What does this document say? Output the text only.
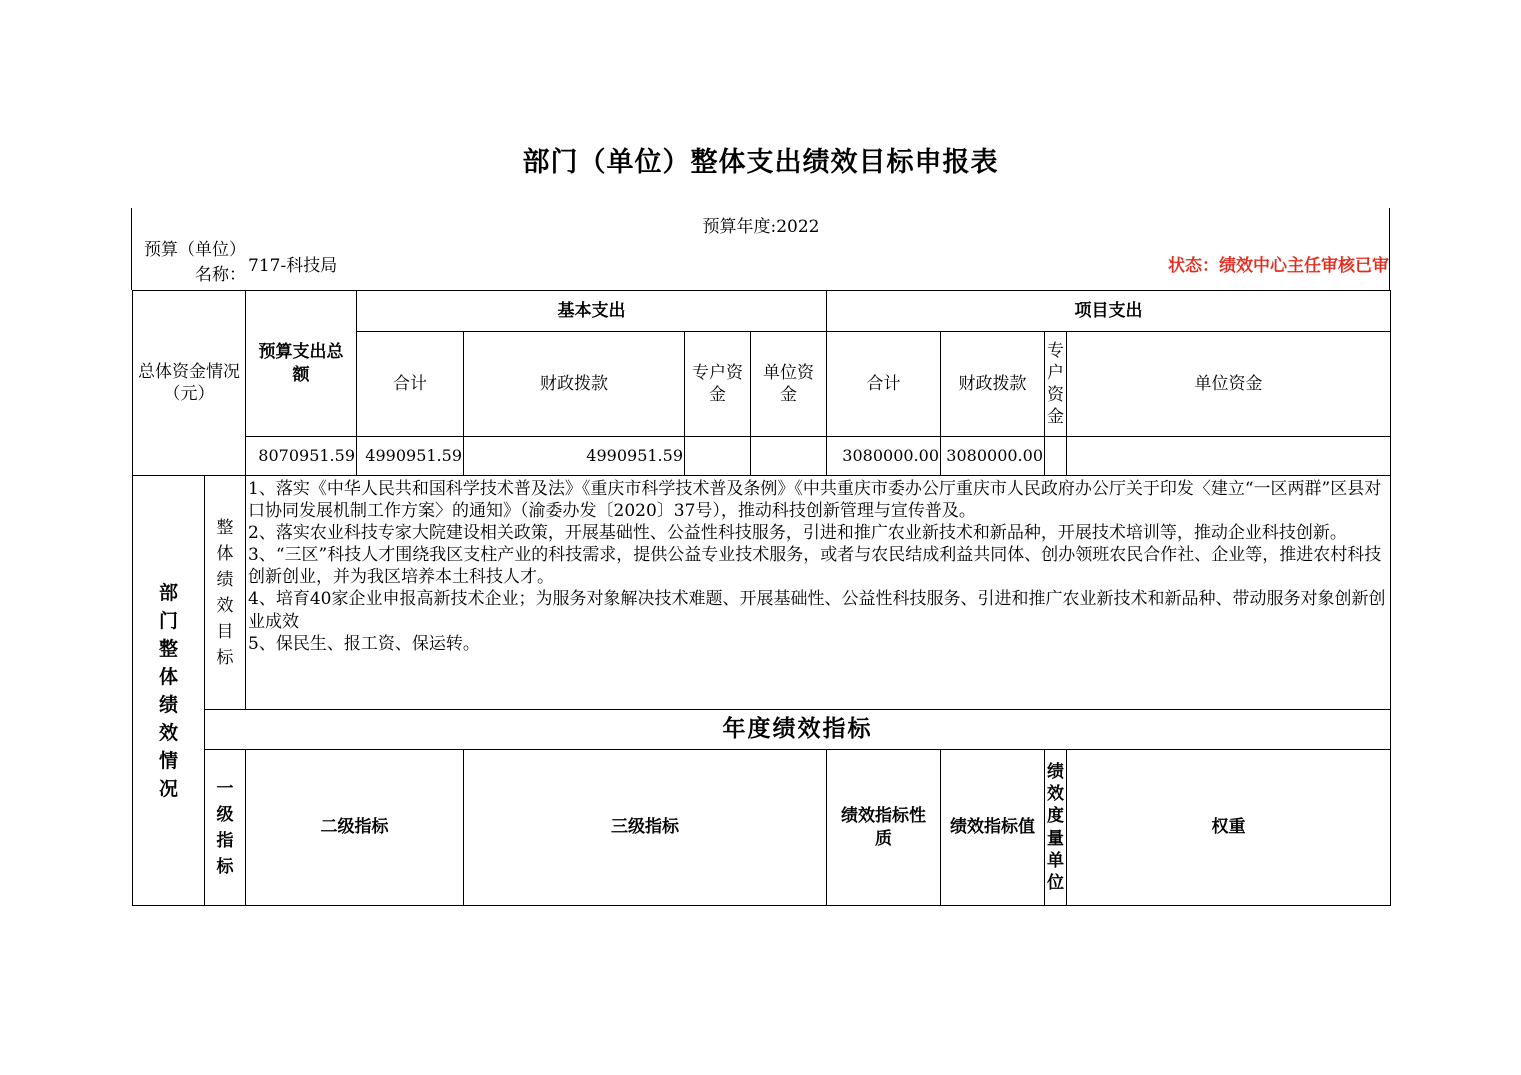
部门（单位）整体支出绩效目标申报表
预算年度:2022
预算（单位）名称： 717-科技局	状态：绩效中心主任审核已审
总体资金情况（元）		预算支出总额	基本支出				项目支出			
			合计	财政拨款	专户资金	单位资金	合计	财政拨款	专户资金	单位资金
		8070951.59	4990951.59	4990951.59			3080000.00	3080000.00		

部门整体绩效情况	整体绩效目标	1、落实《中华人民共和国科学技术普及法》《重庆市科学技术普及条例》《中共重庆市委办公厅重庆市人民政府办公厅关于印发〈建立“一区两群”区县对口协同发展机制工作方案〉的通知》（渝委办发〔2020〕37号），推动科技创新管理与宣传普及。
2、落实农业科技专家大院建设相关政策，开展基础性、公益性科技服务，引进和推广农业新技术和新品种，开展技术培训等，推动企业科技创新。
3、“三区”科技人才围绕我区支柱产业的科技需求，提供公益专业技术服务，或者与农民结成利益共同体、创办领班农民合作社、企业等，推进农村科技创新创业，并为我区培养本土科技人才。
4、培育40家企业申报高新技术企业；为服务对象解决技术难题、开展基础性、公益性科技服务、引进和推广农业新技术和新品种、带动服务对象创新创业成效
5、保民生、报工资、保运转。								

	年度绩效指标									

	一级指标	二级指标		三级指标			绩效指标性质	绩效指标值	绩效度量单位	权重
